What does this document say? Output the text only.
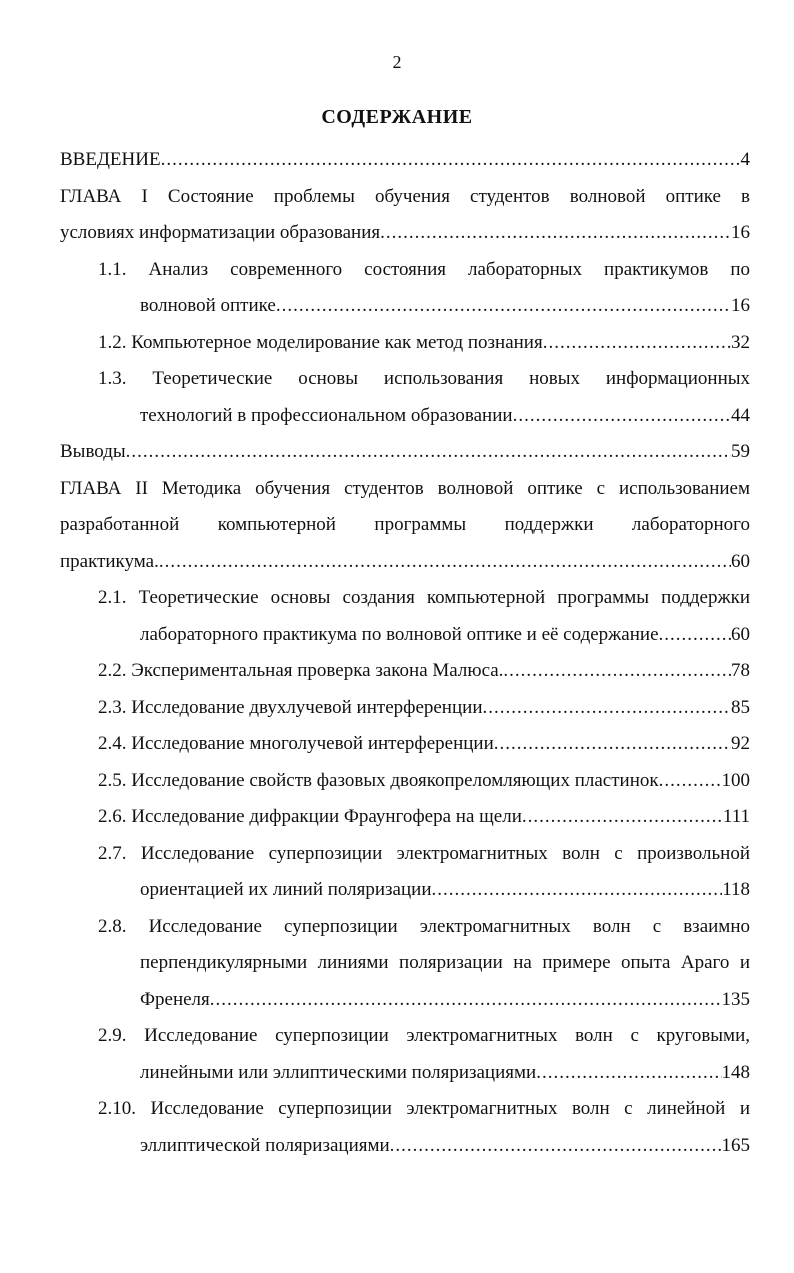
2
СОДЕРЖАНИЕ
ВВЕДЕНИЕ .....	4
ГЛАВА I Состояние проблемы обучения студентов волновой оптике в
условиях информатизации образования .....	16
1.1. Анализ современного состояния лабораторных практикумов по
волновой оптике .....	16
1.2. Компьютерное моделирование как метод познания .....	32
1.3. Теоретические основы использования новых информационных
технологий в профессиональном образовании .....	44
Выводы .....	59
ГЛАВА II Методика обучения студентов волновой оптике с использованием
разработанной компьютерной программы поддержки лабораторного
практикума. .....	60
2.1. Теоретические основы создания компьютерной программы поддержки
лабораторного практикума по волновой оптике и её содержание .....	60
2.2. Экспериментальная проверка закона Малюса. .....	78
2.3. Исследование двухлучевой интерференции .....	85
2.4. Исследование многолучевой интерференции .....	92
2.5. Исследование свойств фазовых двоякопреломляющих пластинок .....	100
2.6. Исследование дифракции Фраунгофера на щели .....	111
2.7. Исследование суперпозиции электромагнитных волн с произвольной
ориентацией их линий поляризации .....	118
2.8. Исследование суперпозиции электромагнитных волн с взаимно
перпендикулярными линиями поляризации на примере опыта Араго и
Френеля .....	135
2.9. Исследование суперпозиции электромагнитных волн с круговыми,
линейными или эллиптическими поляризациями .....	148
2.10. Исследование суперпозиции электромагнитных волн с линейной и
эллиптической поляризациями .....	165
